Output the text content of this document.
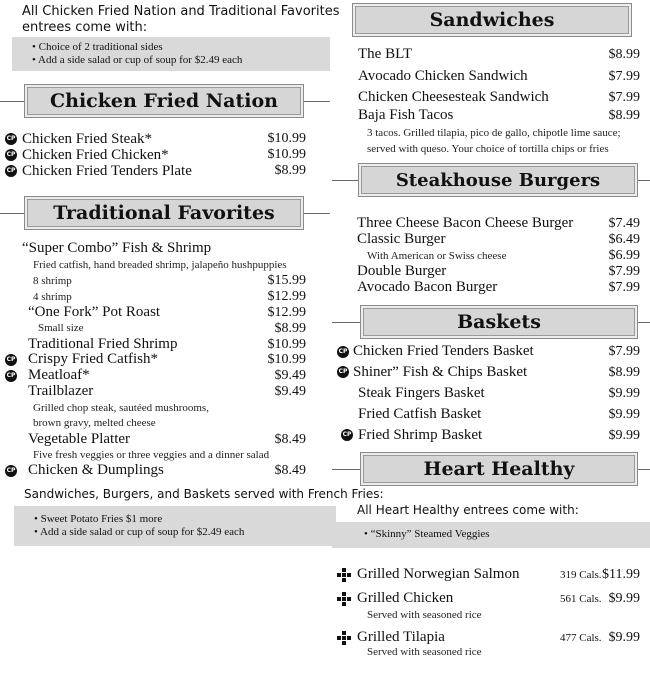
All Chicken Fried Nation and Traditional Favorites
entrees come with:
• Choice of 2 traditional sides
• Add a side salad or cup of soup for $2.49 each
Chicken Fried Nation
CP Chicken Fried Steak*	$10.99
CP Chicken Fried Chicken*	$10.99
CP Chicken Fried Tenders Plate	$8.99
Traditional Favorites
“Super Combo” Fish & Shrimp
Fried catfish, hand breaded shrimp, jalapeño hushpuppies
8 shrimp	$15.99
4 shrimp	$12.99
“One Fork” Pot Roast	$12.99
Small size	$8.99
Traditional Fried Shrimp	$10.99
CP Crispy Fried Catfish*	$10.99
CP Meatloaf*	$9.49
Trailblazer	$9.49
Grilled chop steak, sautéed mushrooms,
brown gravy, melted cheese
Vegetable Platter	$8.49
Five fresh veggies or three veggies and a dinner salad
CP Chicken & Dumplings	$8.49
Sandwiches, Burgers, and Baskets served with French Fries:
• Sweet Potato Fries $1 more
• Add a side salad or cup of soup for $2.49 each
Sandwiches
The BLT	$8.99
Avocado Chicken Sandwich	$7.99
Chicken Cheesesteak Sandwich	$7.99
Baja Fish Tacos	$8.99
3 tacos. Grilled tilapia, pico de gallo, chipotle lime sauce;
served with queso. Your choice of tortilla chips or fries
Steakhouse Burgers
Three Cheese Bacon Cheese Burger	$7.49
Classic Burger	$6.49
With American or Swiss cheese	$6.99
Double Burger	$7.99
Avocado Bacon Burger	$7.99
Baskets
CP Chicken Fried Tenders Basket	$7.99
CP Shiner” Fish & Chips Basket	$8.99
Steak Fingers Basket	$9.99
Fried Catfish Basket	$9.99
CP Fried Shrimp Basket	$9.99
Heart Healthy
All Heart Healthy entrees come with:
• “Skinny” Steamed Veggies
Grilled Norwegian Salmon	319 Cals. $11.99
Grilled Chicken	561 Cals. $9.99
Served with seasoned rice
Grilled Tilapia	477 Cals. $9.99
Served with seasoned rice
